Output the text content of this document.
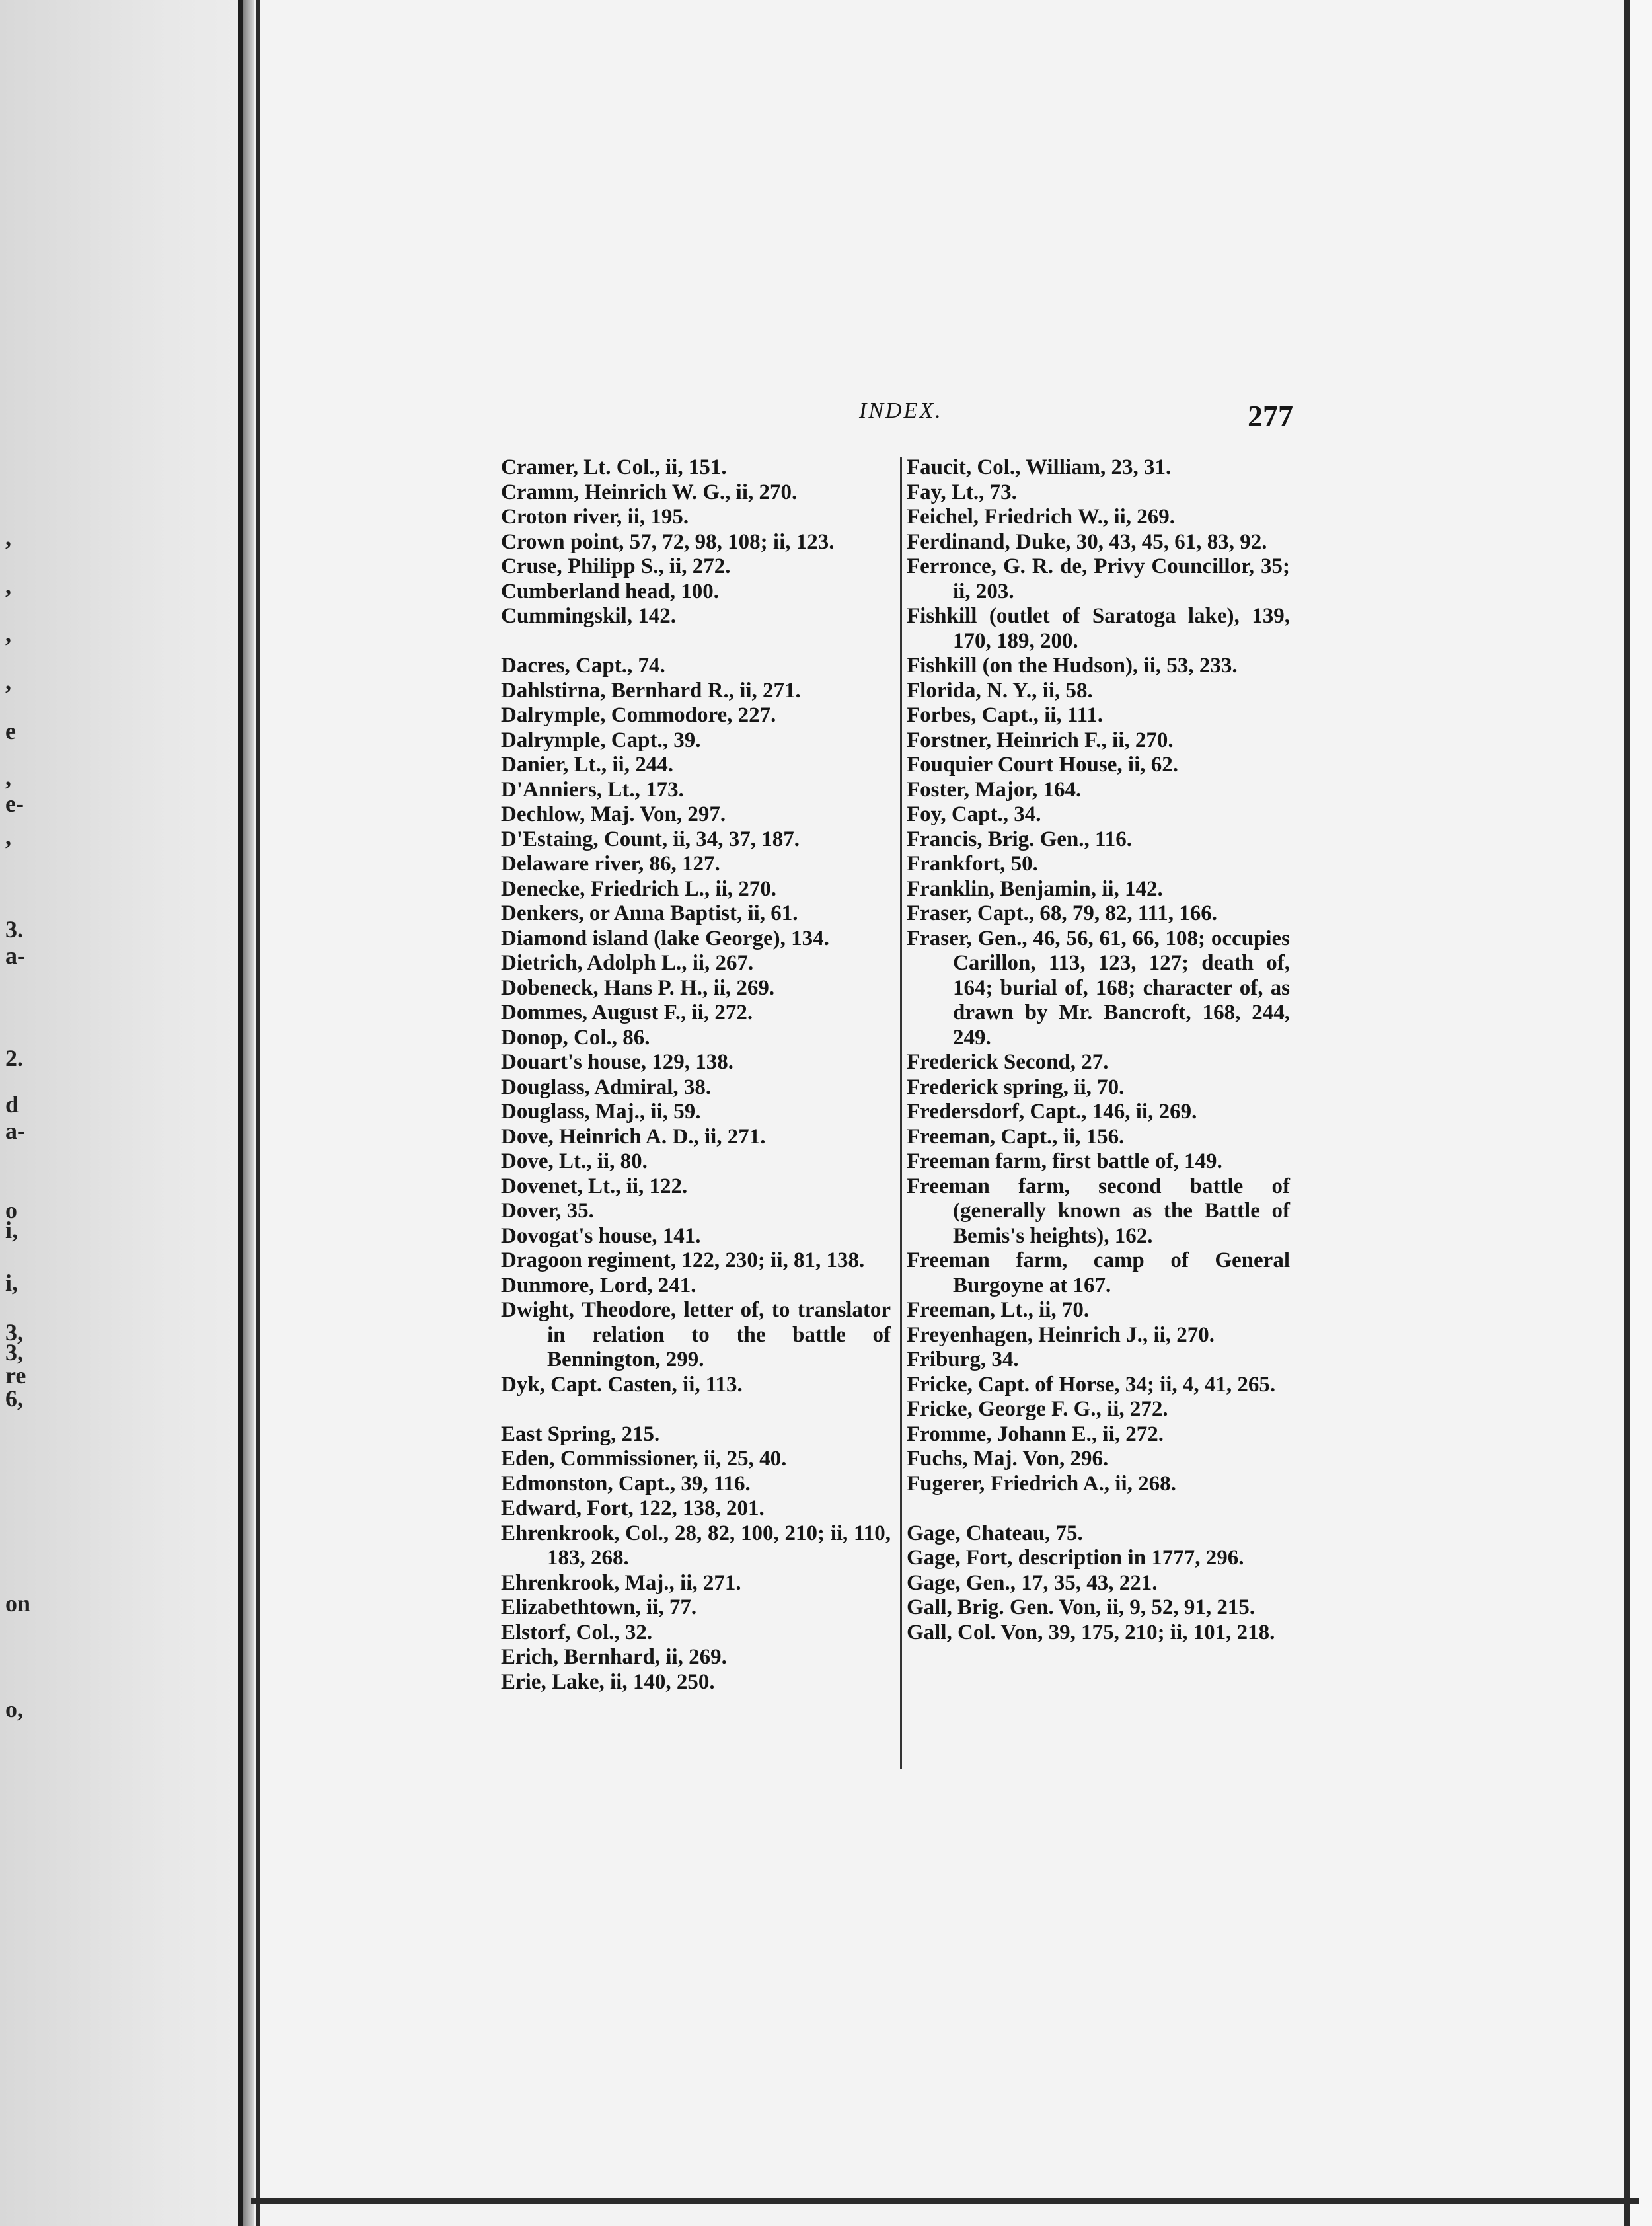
,
,
,
,
e
,
e-
,
3.
a-
2.
d
a-
o
i,
i,
3,
3,
re
6,
on
o,
INDEX.	277
Cramer, Lt. Col., ii, 151.
Cramm, Heinrich W. G., ii, 270.
Croton river, ii, 195.
Crown point, 57, 72, 98, 108; ii, 123.
Cruse, Philipp S., ii, 272.
Cumberland head, 100.
Cummingskil, 142.
Dacres, Capt., 74.
Dahlstirna, Bernhard R., ii, 271.
Dalrymple, Commodore, 227.
Dalrymple, Capt., 39.
Danier, Lt., ii, 244.
D'Anniers, Lt., 173.
Dechlow, Maj. Von, 297.
D'Estaing, Count, ii, 34, 37, 187.
Delaware river, 86, 127.
Denecke, Friedrich L., ii, 270.
Denkers, or Anna Baptist, ii, 61.
Diamond island (lake George), 134.
Dietrich, Adolph L., ii, 267.
Dobeneck, Hans P. H., ii, 269.
Dommes, August F., ii, 272.
Donop, Col., 86.
Douart's house, 129, 138.
Douglass, Admiral, 38.
Douglass, Maj., ii, 59.
Dove, Heinrich A. D., ii, 271.
Dove, Lt., ii, 80.
Dovenet, Lt., ii, 122.
Dover, 35.
Dovogat's house, 141.
Dragoon regiment, 122, 230; ii, 81, 138.
Dunmore, Lord, 241.
Dwight, Theodore, letter of, to translator in relation to the battle of Bennington, 299.
Dyk, Capt. Casten, ii, 113.
East Spring, 215.
Eden, Commissioner, ii, 25, 40.
Edmonston, Capt., 39, 116.
Edward, Fort, 122, 138, 201.
Ehrenkrook, Col., 28, 82, 100, 210; ii, 110, 183, 268.
Ehrenkrook, Maj., ii, 271.
Elizabethtown, ii, 77.
Elstorf, Col., 32.
Erich, Bernhard, ii, 269.
Erie, Lake, ii, 140, 250.
Faucit, Col., William, 23, 31.
Fay, Lt., 73.
Feichel, Friedrich W., ii, 269.
Ferdinand, Duke, 30, 43, 45, 61, 83, 92.
Ferronce, G. R. de, Privy Councillor, 35; ii, 203.
Fishkill (outlet of Saratoga lake), 139, 170, 189, 200.
Fishkill (on the Hudson), ii, 53, 233.
Florida, N. Y., ii, 58.
Forbes, Capt., ii, 111.
Forstner, Heinrich F., ii, 270.
Fouquier Court House, ii, 62.
Foster, Major, 164.
Foy, Capt., 34.
Francis, Brig. Gen., 116.
Frankfort, 50.
Franklin, Benjamin, ii, 142.
Fraser, Capt., 68, 79, 82, 111, 166.
Fraser, Gen., 46, 56, 61, 66, 108; occupies Carillon, 113, 123, 127; death of, 164; burial of, 168; character of, as drawn by Mr. Bancroft, 168, 244, 249.
Frederick Second, 27.
Frederick spring, ii, 70.
Fredersdorf, Capt., 146, ii, 269.
Freeman, Capt., ii, 156.
Freeman farm, first battle of, 149.
Freeman farm, second battle of (generally known as the Battle of Bemis's heights), 162.
Freeman farm, camp of General Burgoyne at 167.
Freeman, Lt., ii, 70.
Freyenhagen, Heinrich J., ii, 270.
Friburg, 34.
Fricke, Capt. of Horse, 34; ii, 4, 41, 265.
Fricke, George F. G., ii, 272.
Fromme, Johann E., ii, 272.
Fuchs, Maj. Von, 296.
Fugerer, Friedrich A., ii, 268.
Gage, Chateau, 75.
Gage, Fort, description in 1777, 296.
Gage, Gen., 17, 35, 43, 221.
Gall, Brig. Gen. Von, ii, 9, 52, 91, 215.
Gall, Col. Von, 39, 175, 210; ii, 101, 218.
